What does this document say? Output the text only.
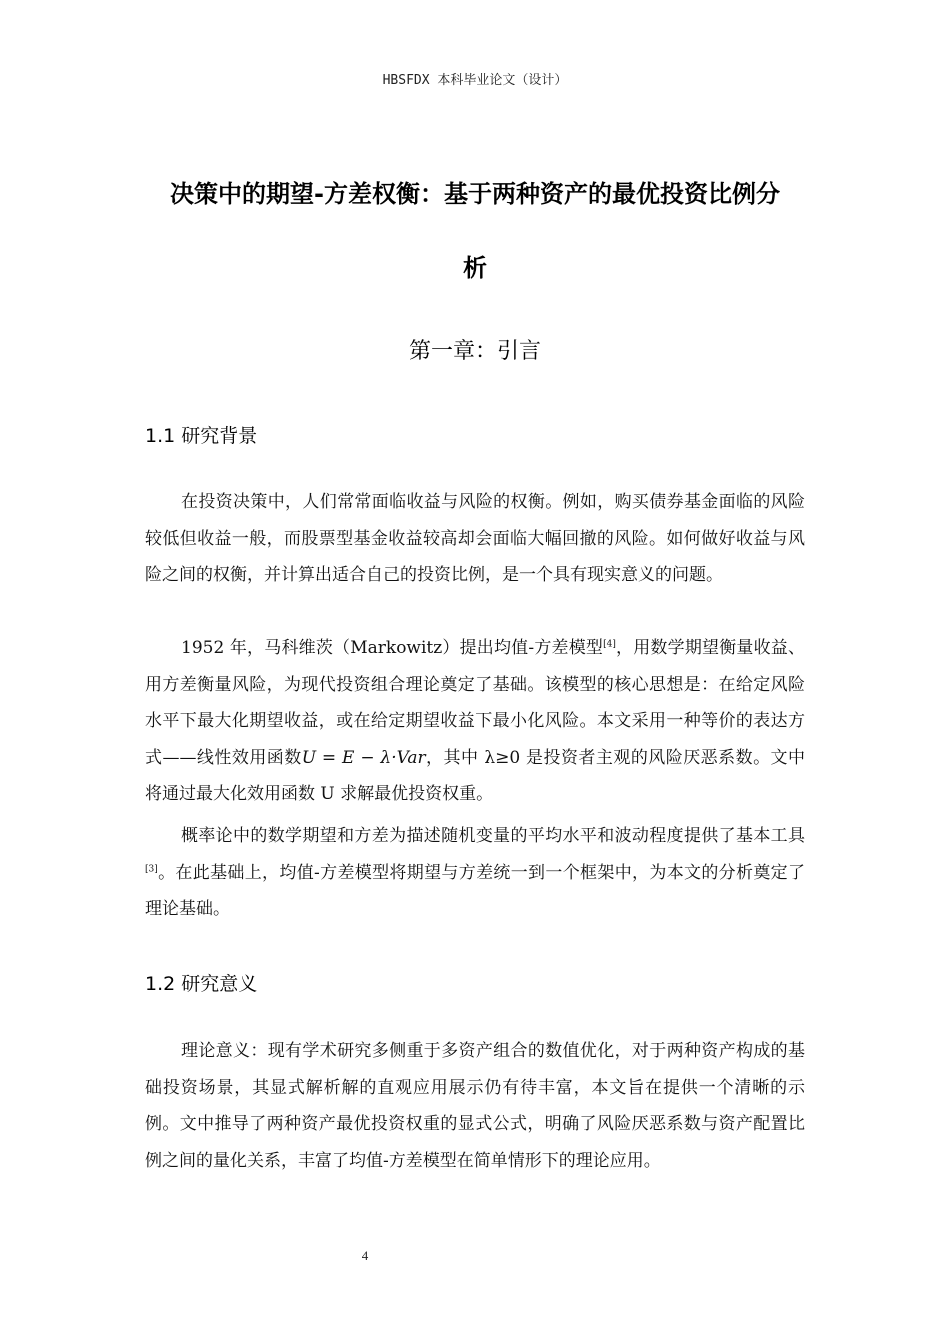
HBSFDX 本科毕业论文（设计）
决策中的期望-方差权衡：基于两种资产的最优投资比例分
析
第一章：引言
1.1 研究背景

在投资决策中，人们常常面临收益与风险的权衡。例如，购买债券基金面临的风险较低但收益一般，而股票型基金收益较高却会面临大幅回撤的风险。如何做好收益与风险之间的权衡，并计算出适合自己的投资比例，是一个具有现实意义的问题。

1952 年，马科维茨（Markowitz）提出均值-方差模型[4]，用数学期望衡量收益、用方差衡量风险，为现代投资组合理论奠定了基础。该模型的核心思想是：在给定风险水平下最大化期望收益，或在给定期望收益下最小化风险。本文采用一种等价的表达方式——线性效用函数U = E − λ·Var，其中 λ≥0 是投资者主观的风险厌恶系数。文中将通过最大化效用函数 U 求解最优投资权重。

概率论中的数学期望和方差为描述随机变量的平均水平和波动程度提供了基本工具[3]。在此基础上，均值-方差模型将期望与方差统一到一个框架中，为本文的分析奠定了理论基础。

1.2 研究意义

理论意义：现有学术研究多侧重于多资产组合的数值优化，对于两种资产构成的基础投资场景，其显式解析解的直观应用展示仍有待丰富，本文旨在提供一个清晰的示例。文中推导了两种资产最优投资权重的显式公式，明确了风险厌恶系数与资产配置比例之间的量化关系，丰富了均值-方差模型在简单情形下的理论应用。

4
